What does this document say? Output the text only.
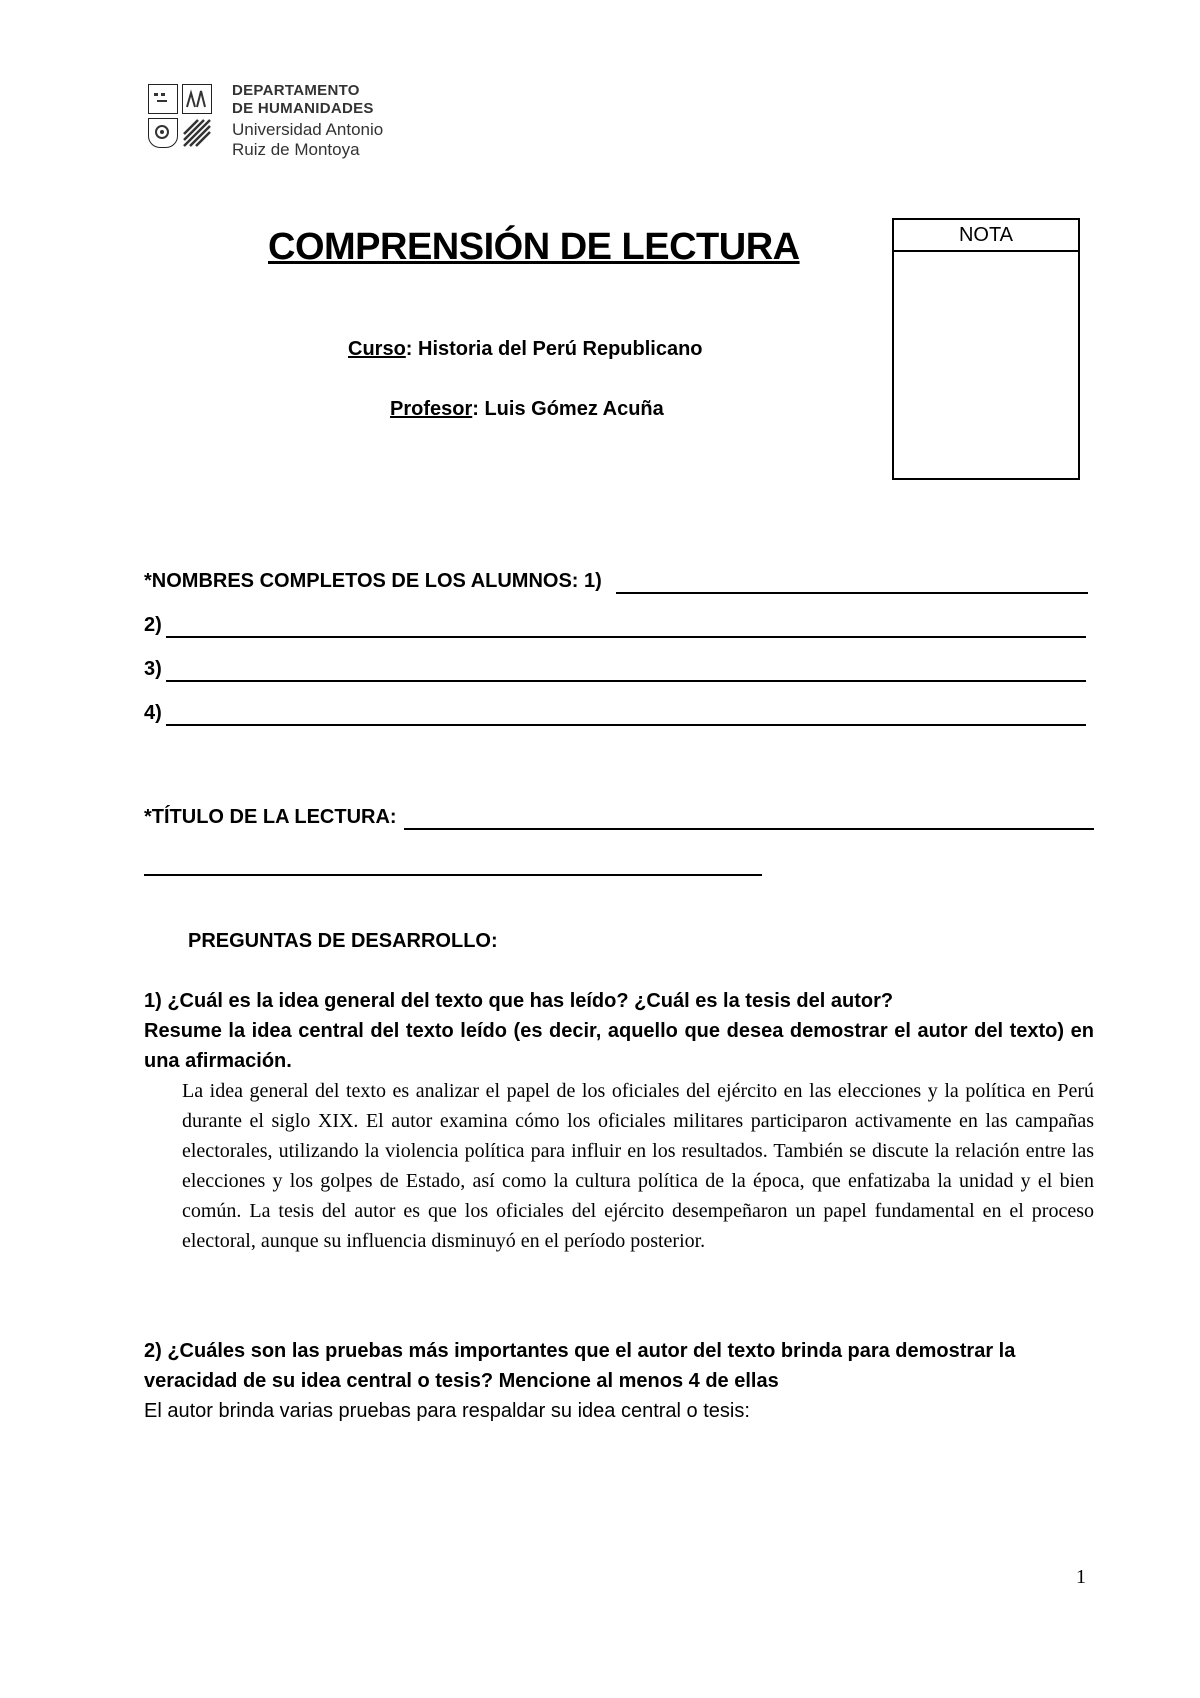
DEPARTAMENTO
DE HUMANIDADES
Universidad Antonio
Ruiz de Montoya
COMPRENSIÓN DE LECTURA	NOTA
Curso: Historia del Perú Republicano
Profesor: Luis Gómez Acuña
*NOMBRES COMPLETOS DE LOS ALUMNOS: 1)
2)
3)
4)
*TÍTULO DE LA LECTURA:
PREGUNTAS DE DESARROLLO:
1) ¿Cuál es la idea general del texto que has leído? ¿Cuál es la tesis del autor?
Resume la idea central del texto leído (es decir, aquello que desea demostrar el autor del texto) en una afirmación.
La idea general del texto es analizar el papel de los oficiales del ejército en las elecciones y la política en Perú durante el siglo XIX. El autor examina cómo los oficiales militares participaron activamente en las campañas electorales, utilizando la violencia política para influir en los resultados. También se discute la relación entre las elecciones y los golpes de Estado, así como la cultura política de la época, que enfatizaba la unidad y el bien común. La tesis del autor es que los oficiales del ejército desempeñaron un papel fundamental en el proceso electoral, aunque su influencia disminuyó en el período posterior.
2) ¿Cuáles son las pruebas más importantes que el autor del texto brinda para demostrar la veracidad de su idea central o tesis? Mencione al menos 4 de ellas
El autor brinda varias pruebas para respaldar su idea central o tesis:
1
